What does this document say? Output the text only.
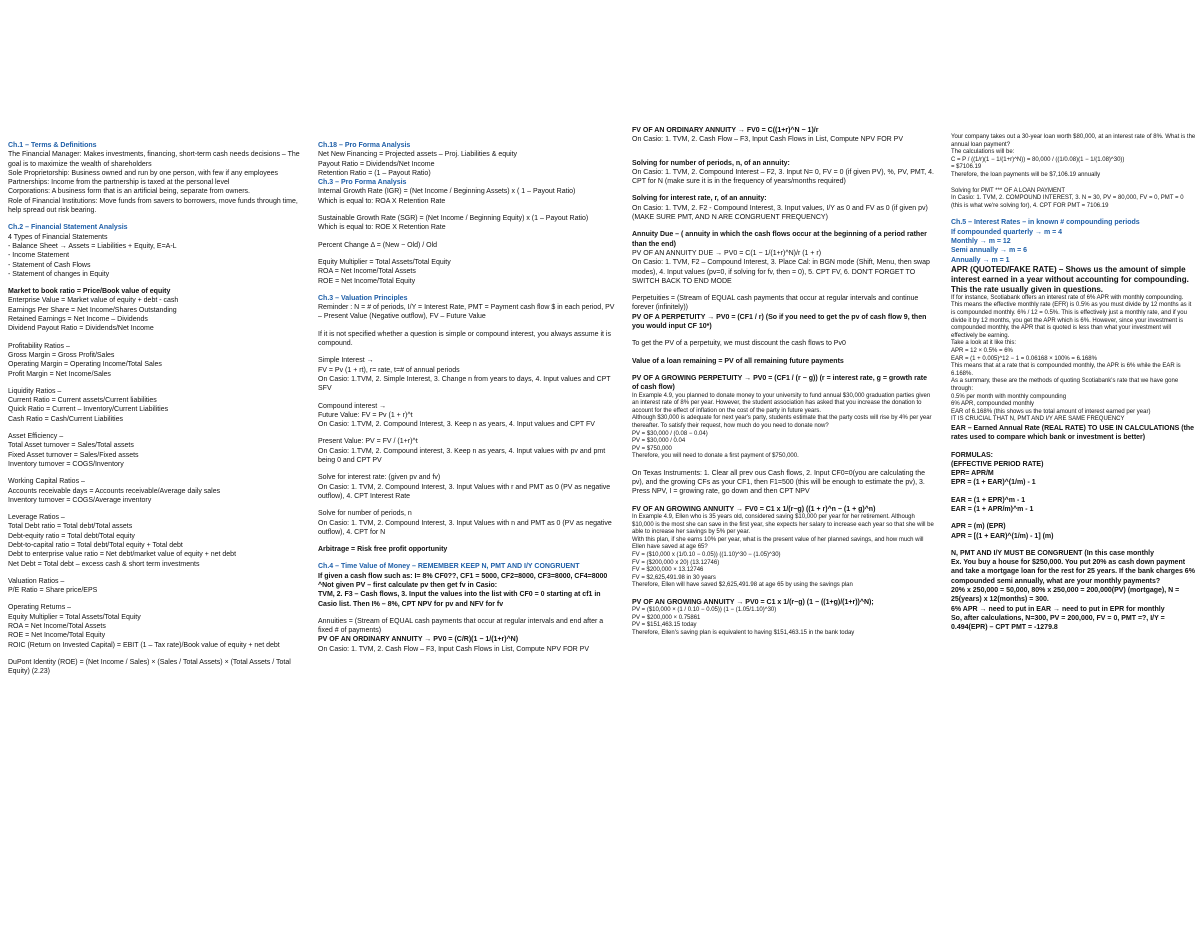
Ch.1 – Terms & Definitions
The Financial Manager: Makes investments, financing, short-term cash needs decisions – The goal is to maximize the wealth of shareholders
Sole Proprietorship: Business owned and run by one person, with few if any employees
Partnerships: Income from the partnership is taxed at the personal level
Corporations: A business form that is an artificial being, separate from owners.
Role of Financial Institutions: Move funds from savers to borrowers, move funds through time, help spread out risk bearing.
Ch.2 – Financial Statement Analysis
4 Types of Financial Statements
- Balance Sheet → Assets = Liabilities + Equity, E=A-L
- Income Statement
- Statement of Cash Flows
- Statement of changes in Equity
Market to book ratio = Price/Book value of equity
Enterprise Value = Market value of equity + debt - cash
Earnings Per Share = Net Income/Shares Outstanding
Retained Earnings = Net Income – Dividends
Dividend Payout Ratio = Dividends/Net Income
Profitability Ratios –
Gross Margin = Gross Profit/Sales
Operating Margin = Operating Income/Total Sales
Profit Margin = Net Income/Sales
Liquidity Ratios –
Current Ratio = Current assets/Current liabilities
Quick Ratio = Current – Inventory/Current Liabilities
Cash Ratio = Cash/Current Liabilities
Asset Efficiency –
Total Asset turnover = Sales/Total assets
Fixed Asset turnover = Sales/Fixed assets
Inventory turnover = COGS/Inventory
Working Capital Ratios –
Accounts receivable days = Accounts receivable/Average daily sales
Inventory turnover = COGS/Average inventory
Leverage Ratios –
Total Debt ratio = Total debt/Total assets
Debt-equity ratio = Total debt/Total equity
Debt-to-capital ratio = Total debt/Total equity + Total debt
Debt to enterprise value ratio = Net debt/market value of equity + net debt
Net Debt = Total debt – excess cash & short term investments
Valuation Ratios –
P/E Ratio = Share price/EPS
Operating Returns –
Equity Multiplier = Total Assets/Total Equity
ROA = Net Income/Total Assets
ROE = Net Income/Total Equity
ROIC (Return on Invested Capital) = EBIT (1 – Tax rate)/Book value of equity + net debt
DuPont Identity (ROE) = (Net Income / Sales) × (Sales / Total Assets) × (Total Assets / Total Equity) (2.23)
Ch.18 – Pro Forma Analysis
Net New Financing = Projected assets – Proj. Liabilities & equity
Payout Ratio = Dividends/Net Income
Retention Ratio = (1 – Payout Ratio)
Ch.3 – Pro Forma Analysis
Internal Growth Rate (IGR) = (Net Income / Beginning Assets) x ( 1 – Payout Ratio)
Which is equal to: ROA X Retention Rate
Sustainable Growth Rate (SGR) = (Net Income / Beginning Equity) x (1 – Payout Ratio)
Which is equal to: ROE X Retention Rate
Percent Change Δ = (New − Old) / Old
Equity Multiplier = Total Assets/Total Equity
ROA = Net Income/Total Assets
ROE = Net Income/Total Equity
Ch.3 – Valuation Principles
Reminder : N = # of periods, I/Y = Interest Rate, PMT = Payment cash flow $ in each period, PV – Present Value (Negative outflow), FV – Future Value
If it is not specified whether a question is simple or compound interest, you always assume it is compound.
Simple Interest →
FV = Pv (1 + rt), r= rate, t=# of annual periods
On Casio: 1.TVM, 2. Simple Interest, 3. Change n from years to days, 4. Input values and CPT SFV
Compound interest →
Future Value: FV = Pv (1 + r)^t
On Casio: 1.TVM, 2. Compound Interest, 3. Keep n as years, 4. Input values and CPT FV
Present Value: PV = FV / (1+r)^t
On Casio: 1.TVM, 2. Compound interest, 3. Keep n as years, 4. Input values with pv and pmt being 0 and CPT PV
Solve for interest rate: (given pv and fv)
On Casio: 1. TVM, 2. Compound Interest, 3. Input Values with r and PMT as 0 (PV as negative outflow), 4. CPT Interest Rate
Solve for number of periods, n
On Casio: 1. TVM, 2. Compound Interest, 3. Input Values with n and PMT as 0 (PV as negative outflow), 4. CPT for N
Arbitrage = Risk free profit opportunity
Ch.4 – Time Value of Money – REMEMBER KEEP N, PMT AND I/Y CONGRUENT
If given a cash flow such as: I= 8% CF0??, CF1 = 5000, CF2=8000, CF3=8000, CF4=8000
^Not given PV – first calculate pv then get fv in Casio:
TVM, 2. F3 – Cash flows, 3. Input the values into the list with CF0 = 0 starting at cf1 in Casio list. Then I% – 8%, CPT NPV for pv and NFV for fv
Annuities = (Stream of EQUAL cash payments that occur at regular intervals and end after a fixed # of payments)
PV OF AN ORDINARY ANNUITY → PV0 = (C/R)(1 − 1/(1+r)^N)
On Casio: 1. TVM, 2. Cash Flow – F3, Input Cash Flows in List, Compute NPV FOR PV
FV OF AN ORDINARY ANNUITY → FV0 = C((1+r)^N − 1)/r
On Casio: 1. TVM, 2. Cash Flow – F3, Input Cash Flows in List, Compute NPV FOR PV
Solving for number of periods, n, of an annuity:
On Casio: 1. TVM, 2. Compound Interest – F2, 3. Input N= 0, FV = 0 (if given PV), %, PV, PMT, 4. CPT for N (make sure it is in the frequency of years/months required)
Solving for interest rate, r, of an annuity:
On Casio: 1. TVM, 2. F2 - Compound Interest, 3. Input values, I/Y as 0 and FV as 0 (if given pv) (MAKE SURE PMT, AND N ARE CONGRUENT FREQUENCY)
Annuity Due – ( annuity in which the cash flows occur at the beginning of a period rather than the end)
PV OF AN ANNUITY DUE → PV0 = C(1 − 1/(1+r)^N)/r (1 + r)
On Casio: 1. TVM, F2 – Compound Interest, 3. Place Cal: in BGN mode (Shift, Menu, then swap modes), 4. Input values (pv=0, if solving for fv, then = 0), 5. CPT FV, 6. DON'T FORGET TO SWITCH BACK TO END MODE
Perpetuities = (Stream of EQUAL cash payments that occur at regular intervals and continue forever (infinitely))
PV OF A PERPETUITY → PV0 = (CF1 / r) (So if you need to get the pv of cash flow 9, then you would input CF 10*)
To get the PV of a perpetuity, we must discount the cash flows to Pv0
Value of a loan remaining = PV of all remaining future payments
PV OF A GROWING PERPETUITY → PV0 = (CF1 / (r − g)) (r = interest rate, g = growth rate of cash flow)
In Example 4.9, you planned to donate money to your university to fund annual $30,000 graduation parties given an interest rate of 8% per year. However, the student association has asked that you increase the donation to account for the effect of inflation on the cost of the party in future years.
Although $30,000 is adequate for next year's party, students estimate that the party costs will rise by 4% per year thereafter. To satisfy their request, how much do you need to donate now?
PV = $30,000 / (0.08 − 0.04)
PV = $30,000 / 0.04
PV = $750,000
Therefore, you will need to donate a first payment of $750,000.
On Texas Instruments: 1. Clear all prev ous Cash flows, 2. Input CF0=0(you are calculating the pv), and the growing CFs as your CF1, then F1=500 (this will be enough to estimate the pv), 3. Press NPV, I = growing rate, go down and then CPT NPV
FV OF AN GROWING ANNUITY → FV0 = C1 x 1/(r−g) ((1 + r)^n − (1 + g)^n)
In Example 4.9, Ellen who is 35 years old, considered saving $10,000 per year for her retirement. Although $10,000 is the most she can save in the first year, she expects her salary to increase each year so that she will be able to increase her savings by 5% per year.
With this plan, if she earns 10% per year, what is the present value of her planned savings, and how much will Ellen have saved at age 65?
FV = ($10,000 x (1/0.10 − 0.05)) ((1.10)^30 − (1.05)^30)
FV = ($200,000 x 20) (13.12746)
FV = $200,000 × 13.12746
FV = $2,625,491.98 in 30 years
Therefore, Ellen will have saved $2,625,491.98 at age 65 by using the savings plan
PV OF AN GROWING ANNUITY → PV0 = C1 x 1/(r−g) (1 − ((1+g)/(1+r))^N);
PV = ($10,000 × (1 / 0.10 − 0.05)) (1 − (1.05/1.10)^30)
PV = $200,000 × 0.75861
PV = $151,463.15 today
Therefore, Ellen's saving plan is equivalent to having $151,463.15 in the bank today
Your company takes out a 30-year loan worth $80,000, at an interest rate of 8%. What is the annual loan payment?
The calculations will be:
C = P / ((1/r)(1 − 1/(1+r)^N)) = 80,000 / ((1/0.08)(1 − 1/(1.08)^30))
= $7106.19
Therefore, the loan payments will be $7,106.19 annually
Solving for PMT *** OF A LOAN PAYMENT
In Casio: 1. TVM, 2. COMPOUND INTEREST, 3. N = 30, PV = 80,000, FV = 0, PMT = 0 (this is what we're solving for), 4. CPT FOR PMT = 7106.19
Ch.5 – Interest Rates – in known # compounding periods
If compounded quarterly → m = 4
Monthly → m = 12
Semi annually → m = 6
Annually → m = 1
APR (QUOTED/FAKE RATE) – Shows us the amount of simple interest earned in a year without accounting for compounding. This the rate usually given in questions.
If for instance, Scotiabank offers an interest rate of 6% APR with monthly compounding. This means the effective monthly rate (EFR) is 0.5% as you must divide by 12 months as it is compounded monthly. 6% / 12 = 0.5%. This is effectively just a monthly rate, and if you divide it by 12 months, you get the APR which is 6%. However, since your investment is compounded monthly, the APR that is quoted is less than what your investment will effectively be earning.
Take a look at it like this:
APR = 12 × 0.5% = 6%
EAR = (1 + 0.005)^12 − 1 = 0.06168 × 100% = 6.168%
This means that at a rate that is compounded monthly, the APR is 6% while the EAR is 6.168%.
As a summary, these are the methods of quoting Scotiabank's rate that we have gone through:
0.5% per month with monthly compounding
6% APR, compounded monthly
EAR of 6.168% (this shows us the total amount of interest earned per year)
IT IS CRUCIAL THAT N, PMT AND I/Y ARE SAME FREQUENCY
EAR – Earned Annual Rate (REAL RATE) TO USE IN CALCULATIONS (the rates used to compare which bank or investment is better)
FORMULAS:
(EFFECTIVE PERIOD RATE)
EPR= APR/M
EPR = (1 + EAR)^(1/m) - 1
EAR = (1 + EPR)^m - 1
EAR = (1 + APR/m)^m - 1
APR = (m) (EPR)
APR = [(1 + EAR)^(1/m) - 1] (m)
N, PMT AND I/Y MUST BE CONGRUENT (In this case monthly
Ex. You buy a house for $250,000. You put 20% as cash down payment and take a mortgage loan for the rest for 25 years. If the bank charges 6% compounded semi annually, what are your monthly payments?
20% x 250,000 = 50,000, 80% x 250,000 = 200,000(PV) (mortgage), N = 25(years) x 12(months) = 300.
6% APR → need to put in EAR → need to put in EPR for monthly
So, after calculations, N=300, PV = 200,000, FV = 0, PMT =?, I/Y = 0.494(EPR) – CPT PMT = -1279.8
